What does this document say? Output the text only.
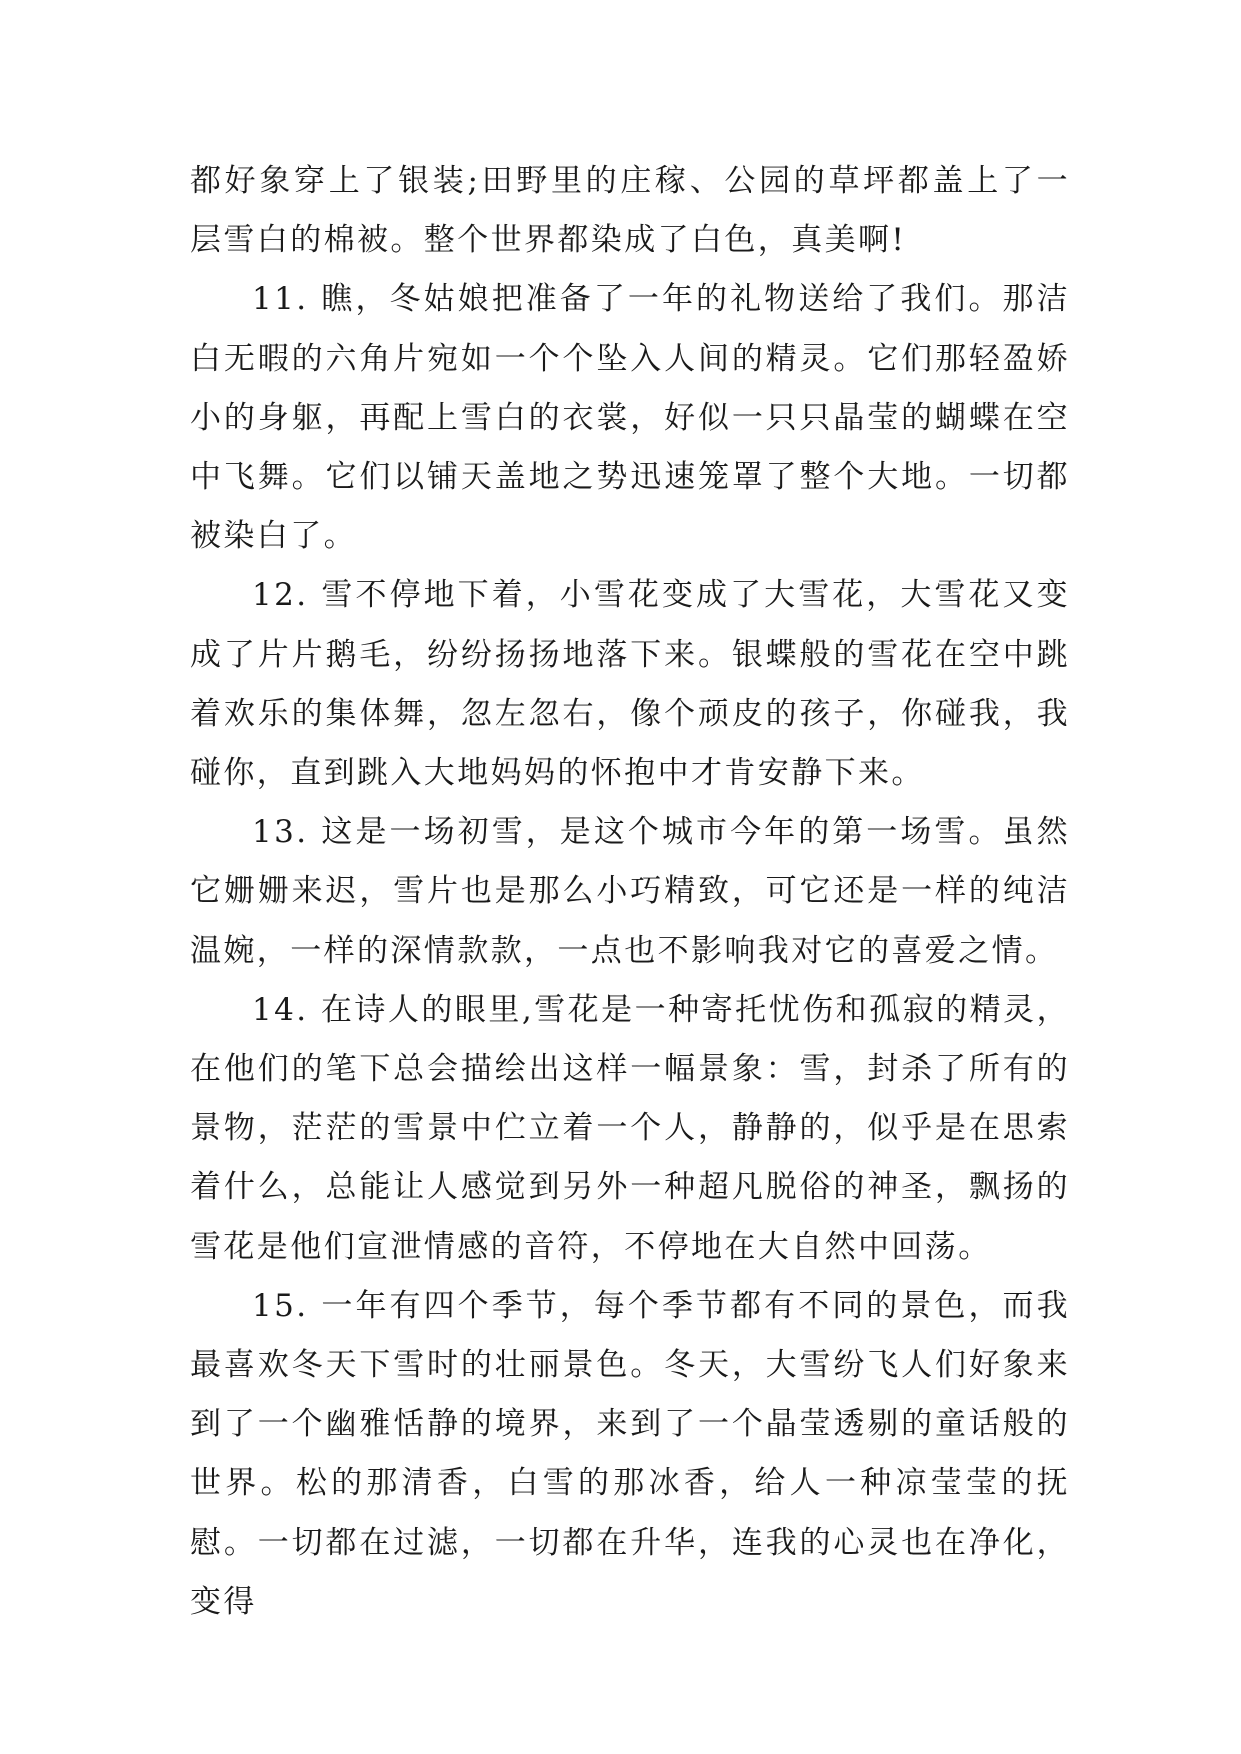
都好象穿上了银装;田野里的庄稼、公园的草坪都盖上了一层雪白的棉被。整个世界都染成了白色，真美啊!

11. 瞧，冬姑娘把准备了一年的礼物送给了我们。那洁白无暇的六角片宛如一个个坠入人间的精灵。它们那轻盈娇小的身躯，再配上雪白的衣裳，好似一只只晶莹的蝴蝶在空中飞舞。它们以铺天盖地之势迅速笼罩了整个大地。一切都被染白了。

12. 雪不停地下着，小雪花变成了大雪花，大雪花又变成了片片鹅毛，纷纷扬扬地落下来。银蝶般的雪花在空中跳着欢乐的集体舞，忽左忽右，像个顽皮的孩子，你碰我，我碰你，直到跳入大地妈妈的怀抱中才肯安静下来。

13. 这是一场初雪，是这个城市今年的第一场雪。虽然它姗姗来迟，雪片也是那么小巧精致，可它还是一样的纯洁温婉，一样的深情款款，一点也不影响我对它的喜爱之情。

14. 在诗人的眼里,雪花是一种寄托忧伤和孤寂的精灵，在他们的笔下总会描绘出这样一幅景象：雪，封杀了所有的景物，茫茫的雪景中伫立着一个人，静静的，似乎是在思索着什么，总能让人感觉到另外一种超凡脱俗的神圣，飘扬的雪花是他们宣泄情感的音符，不停地在大自然中回荡。

15. 一年有四个季节，每个季节都有不同的景色，而我最喜欢冬天下雪时的壮丽景色。冬天，大雪纷飞人们好象来到了一个幽雅恬静的境界，来到了一个晶莹透剔的童话般的世界。松的那清香，白雪的那冰香，给人一种凉莹莹的抚慰。一切都在过滤，一切都在升华，连我的心灵也在净化，变得
